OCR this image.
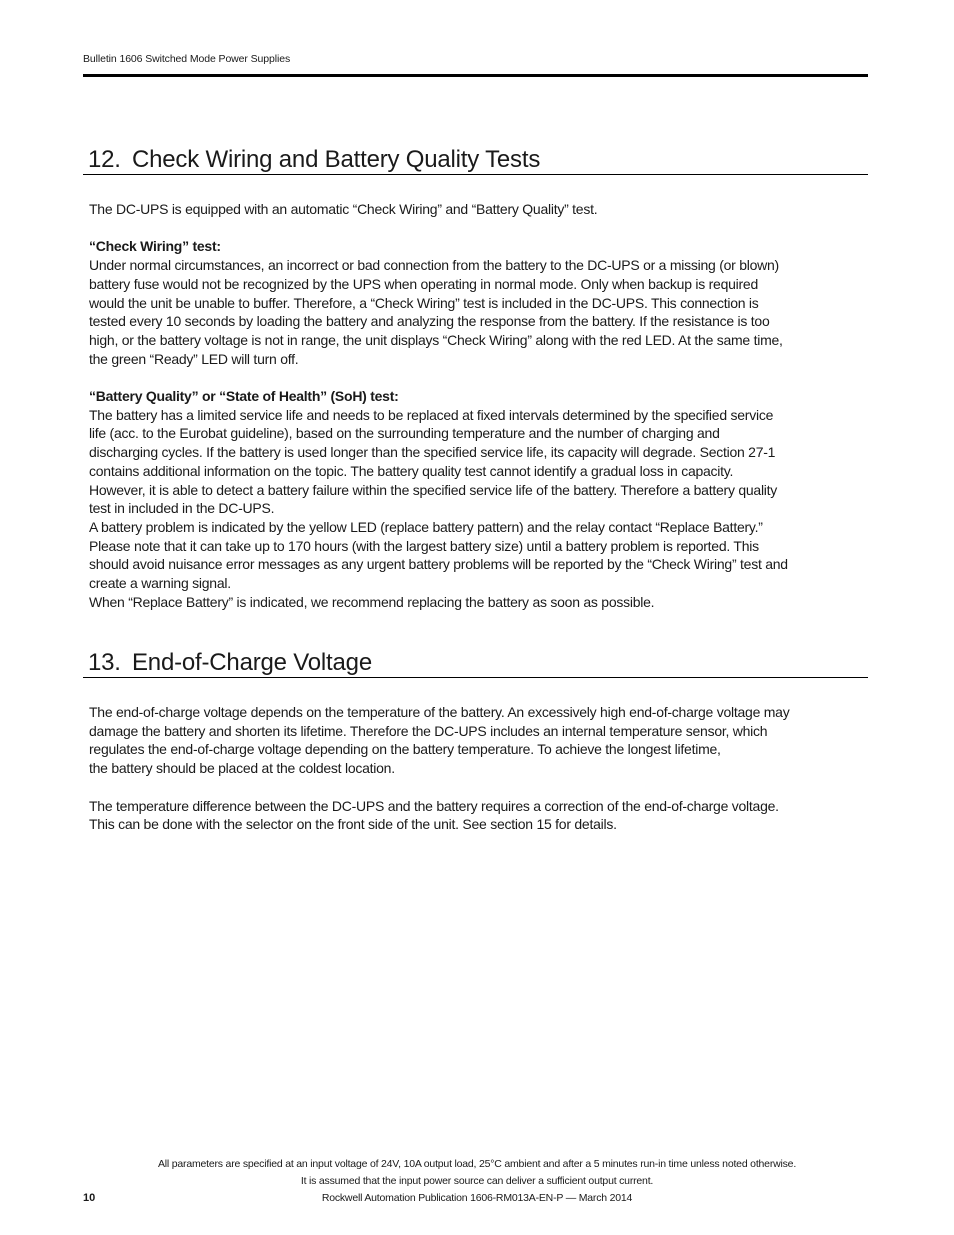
Bulletin 1606 Switched Mode Power Supplies
12. Check Wiring and Battery Quality Tests

The DC-UPS is equipped with an automatic “Check Wiring” and “Battery Quality” test.

“Check Wiring” test:

Under normal circumstances, an incorrect or bad connection from the battery to the DC-UPS or a missing (or blown)

battery fuse would not be recognized by the UPS when operating in normal mode. Only when backup is required

would the unit be unable to buffer. Therefore, a “Check Wiring” test is included in the DC-UPS. This connection is

tested every 10 seconds by loading the battery and analyzing the response from the battery. If the resistance is too

high, or the battery voltage is not in range, the unit displays “Check Wiring” along with the red LED. At the same time,

the green “Ready” LED will turn off.

“Battery Quality” or “State of Health” (SoH) test:

The battery has a limited service life and needs to be replaced at fixed intervals determined by the specified service

life (acc. to the Eurobat guideline), based on the surrounding temperature and the number of charging and

discharging cycles. If the battery is used longer than the specified service life, its capacity will degrade. Section 27-1

contains additional information on the topic. The battery quality test cannot identify a gradual loss in capacity.

However, it is able to detect a battery failure within the specified service life of the battery. Therefore a battery quality

test in included in the DC-UPS.

A battery problem is indicated by the yellow LED (replace battery pattern) and the relay contact “Replace Battery.”

Please note that it can take up to 170 hours (with the largest battery size) until a battery problem is reported. This

should avoid nuisance error messages as any urgent battery problems will be reported by the “Check Wiring” test and

create a warning signal.

When “Replace Battery” is indicated, we recommend replacing the battery as soon as possible.

13. End-of-Charge Voltage

The end-of-charge voltage depends on the temperature of the battery. An excessively high end-of-charge voltage may

damage the battery and shorten its lifetime. Therefore the DC-UPS includes an internal temperature sensor, which

regulates the end-of-charge voltage depending on the battery temperature. To achieve the longest lifetime,

the battery should be placed at the coldest location.

The temperature difference between the DC-UPS and the battery requires a correction of the end-of-charge voltage.

This can be done with the selector on the front side of the unit. See section 15 for details.

All parameters are specified at an input voltage of 24V, 10A output load, 25°C ambient and after a 5 minutes run-in time unless noted otherwise.
It is assumed that the input power source can deliver a sufficient output current.
Rockwell Automation Publication 1606-RM013A-EN-P — March 2014
10
